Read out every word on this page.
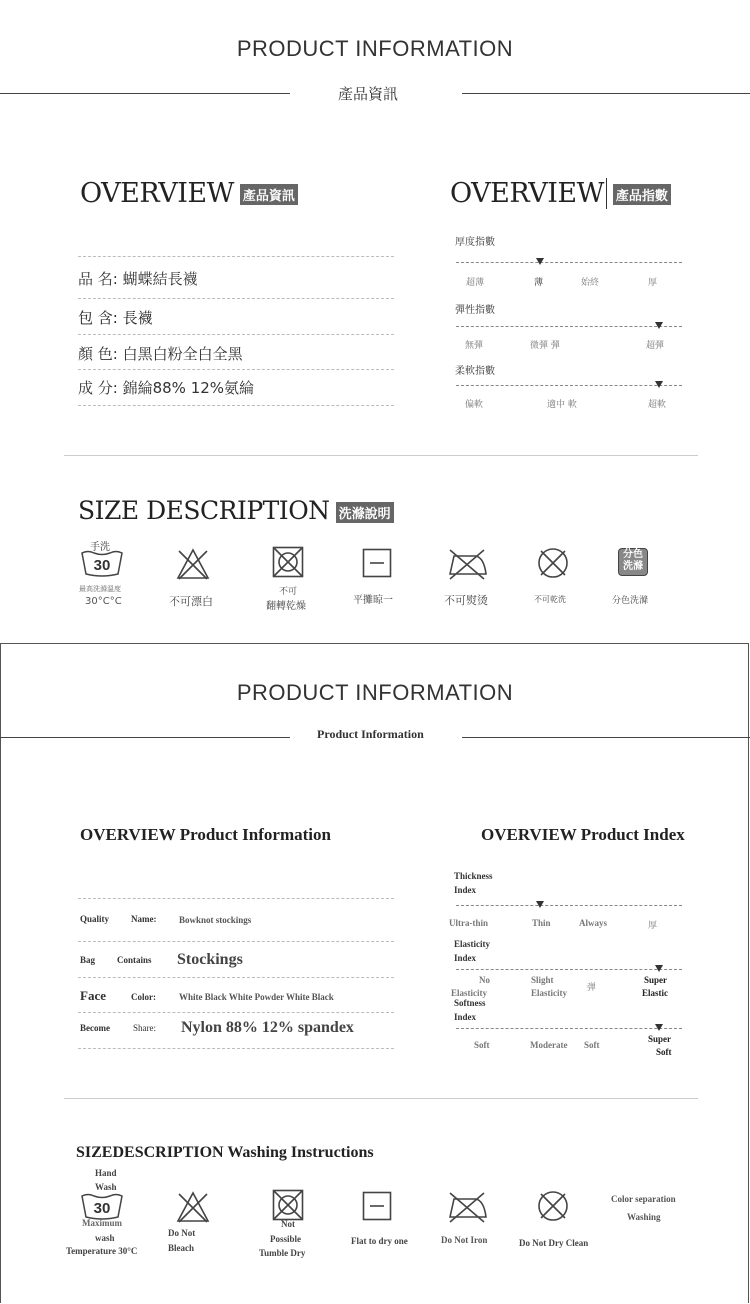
PRODUCT INFORMATION
產品資訊
OVERVIEW 產品資訊	OVERVIEW 產品指數
品 名: 蝴蝶結長襪
包 含: 長襪
顏 色: 白黑白粉全白全黑
成 分: 錦綸88% 12%氨綸
厚度指數
超薄	薄	始終	厚
彈性指數
無彈	微彈 彈	超彈
柔軟指數
偏軟	適中 軟	超軟
SIZE DESCRIPTION 洗滌說明
手洗
30
最高洗滌溫度
30°C°C	不可漂白
不可
翻轉乾燥
平攤晾一	不可熨烫	不可乾洗
分色
洗滌
分色洗滌
PRODUCT INFORMATION
Product Information
OVERVIEW Product Information	OVERVIEW Product Index
Quality Name:	Bowknot stockings
Bag Contains Stockings
Face	Color:	White Black White Powder White Black
Become	Share: Nylon 88% 12% spandex
Thickness
Index
Ultra-thin	Thin	Always	厚
Elasticity
Index
No
Elasticity
Slight
Elasticity 弹
Super
Elastic
Softness
Index
Soft	Moderate Soft
Super
Soft
SIZEDESCRIPTION Washing Instructions
Hand
Wash
30
Maximum
wash
Temperature 30°C
Do Not
Bleach
Not
Possible
Tumble Dry
Flat to dry one	Do Not Iron	Do Not Dry Clean
Color separation
Washing
